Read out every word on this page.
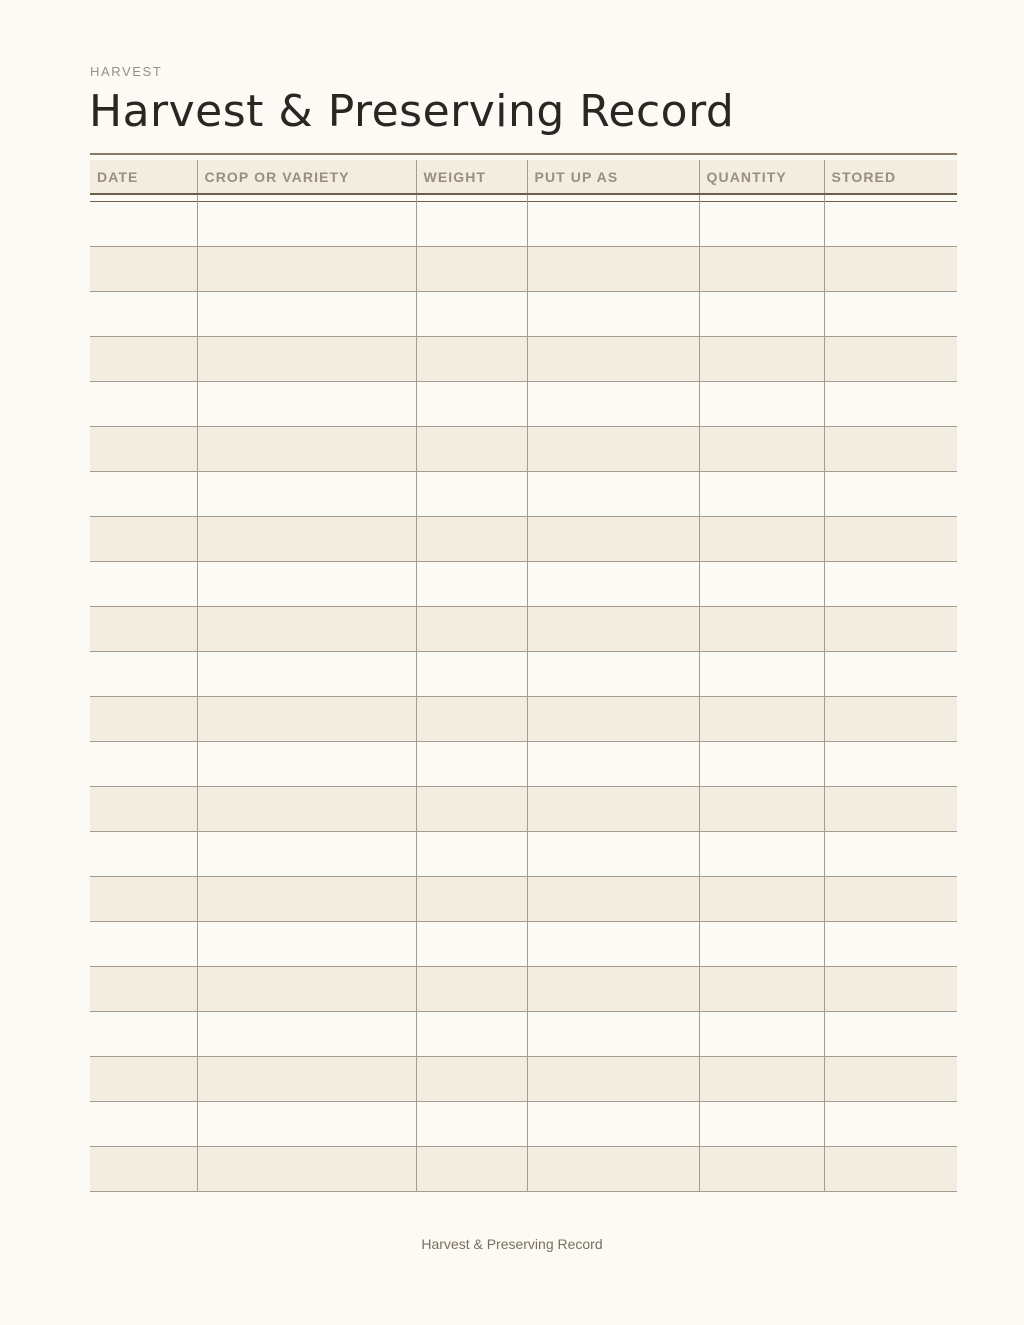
HARVEST
Harvest & Preserving Record
DATE	CROP OR VARIETY	WEIGHT	PUT UP AS	QUANTITY	STORED

Harvest & Preserving Record
